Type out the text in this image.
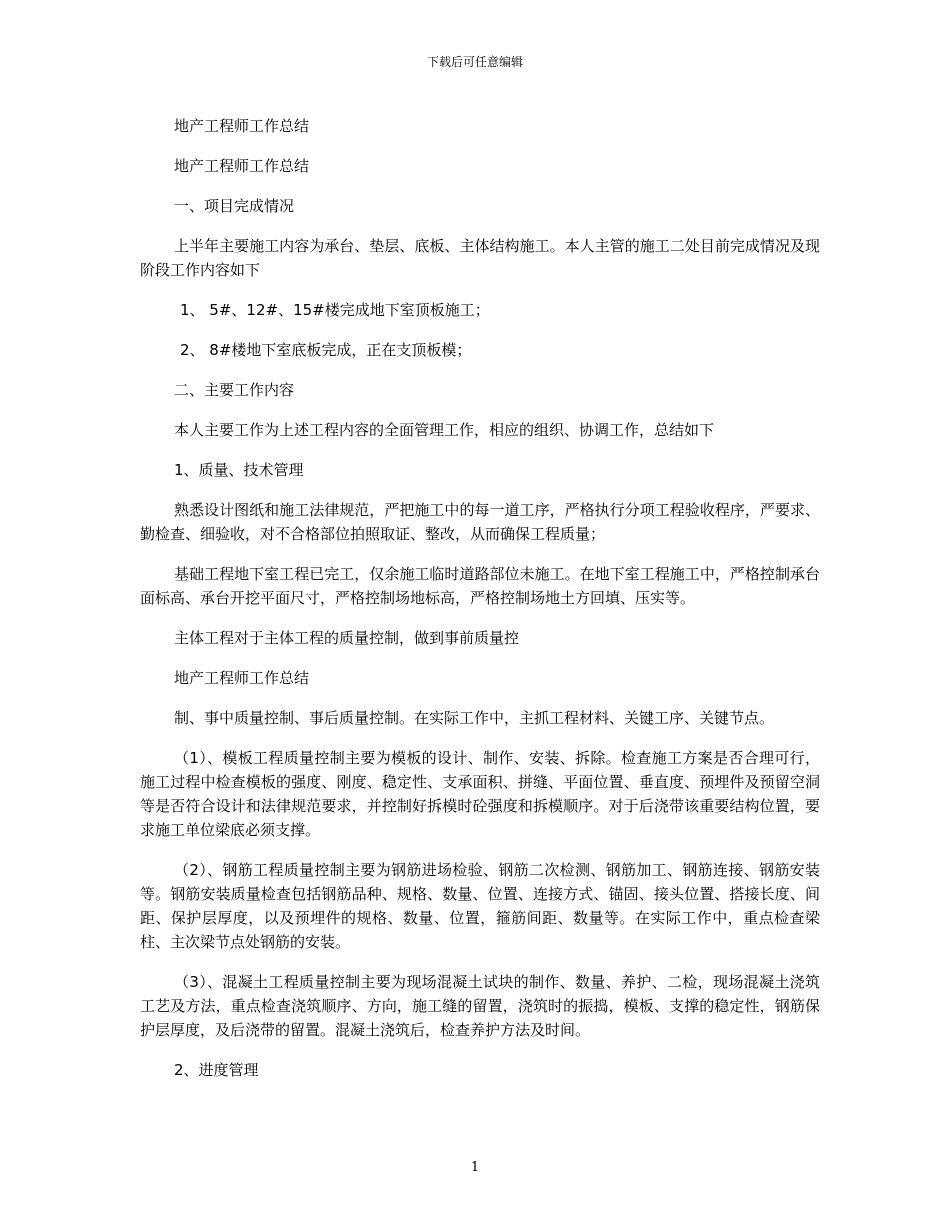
下载后可任意编辑

地产工程师工作总结

地产工程师工作总结

一、项目完成情况

上半年主要施工内容为承台、垫层、底板、主体结构施工。本人主管的施工二处目前完成情况及现阶段工作内容如下

1、 5#、12#、15#楼完成地下室顶板施工；

2、 8#楼地下室底板完成，正在支顶板模；

二、主要工作内容

本人主要工作为上述工程内容的全面管理工作，相应的组织、协调工作，总结如下

1、质量、技术管理

熟悉设计图纸和施工法律规范，严把施工中的每一道工序，严格执行分项工程验收程序，严要求、勤检查、细验收，对不合格部位拍照取证、整改，从而确保工程质量；

基础工程地下室工程已完工，仅余施工临时道路部位未施工。在地下室工程施工中，严格控制承台面标高、承台开挖平面尺寸，严格控制场地标高，严格控制场地土方回填、压实等。

主体工程对于主体工程的质量控制，做到事前质量控

地产工程师工作总结

制、事中质量控制、事后质量控制。在实际工作中，主抓工程材料、关键工序、关键节点。

（1）、模板工程质量控制主要为模板的设计、制作、安装、拆除。检查施工方案是否合理可行，施工过程中检查模板的强度、刚度、稳定性、支承面积、拼缝、平面位置、垂直度、预埋件及预留空洞等是否符合设计和法律规范要求，并控制好拆模时砼强度和拆模顺序。对于后浇带该重要结构位置，要求施工单位梁底必须支撑。

（2）、钢筋工程质量控制主要为钢筋进场检验、钢筋二次检测、钢筋加工、钢筋连接、钢筋安装等。钢筋安装质量检查包括钢筋品种、规格、数量、位置、连接方式、锚固、接头位置、搭接长度、间距、保护层厚度，以及预埋件的规格、数量、位置，箍筋间距、数量等。在实际工作中，重点检查梁柱、主次梁节点处钢筋的安装。

（3）、混凝土工程质量控制主要为现场混凝土试块的制作、数量、养护、二检，现场混凝土浇筑工艺及方法，重点检查浇筑顺序、方向，施工缝的留置，浇筑时的振捣，模板、支撑的稳定性，钢筋保护层厚度，及后浇带的留置。混凝土浇筑后，检查养护方法及时间。

2、进度管理

1
